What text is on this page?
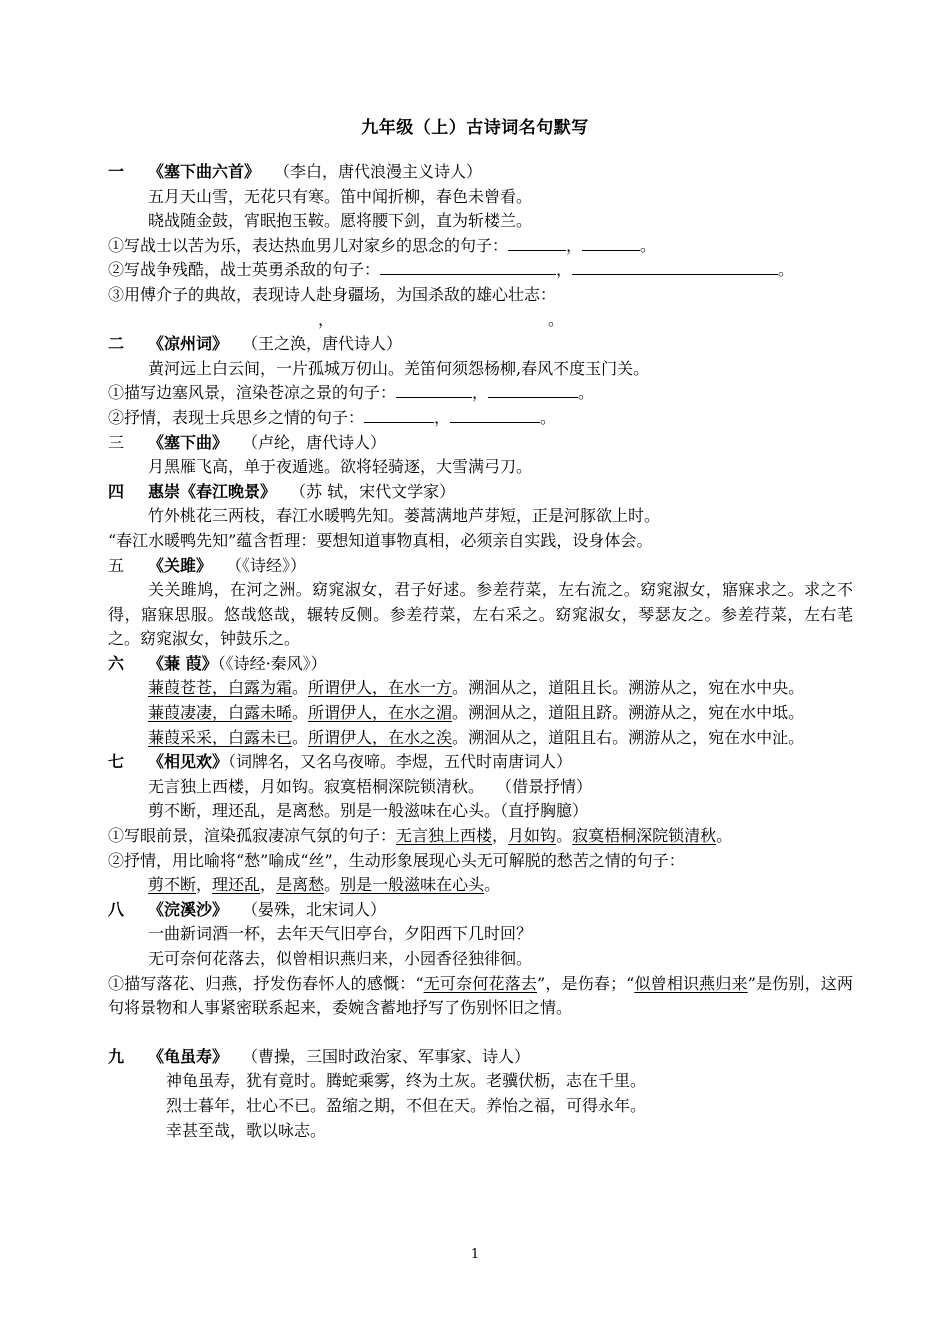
九年级（上）古诗词名句默写

一 《塞下曲六首》 （李白，唐代浪漫主义诗人）

五月天山雪，无花只有寒。笛中闻折柳，春色未曾看。

晓战随金鼓，宵眠抱玉鞍。愿将腰下剑，直为斩楼兰。

①写战士以苦为乐，表达热血男儿对家乡的思念的句子：	，	。

②写战争残酷，战士英勇杀敌的句子：	，	。

③用傅介子的典故，表现诗人赴身疆场，为国杀敌的雄心壮志：

，	。

二 《凉州词》 （王之涣，唐代诗人）

黄河远上白云间，一片孤城万仞山。羌笛何须怨杨柳,春风不度玉门关。

①描写边塞风景，渲染苍凉之景的句子：	，	。

②抒情，表现士兵思乡之情的句子：	，	。

三 《塞下曲》 （卢纶，唐代诗人）

月黑雁飞高，单于夜遁逃。欲将轻骑逐，大雪满弓刀。

四 惠崇《春江晚景》 （苏 轼，宋代文学家）

竹外桃花三两枝，春江水暖鸭先知。蒌蒿满地芦芽短，正是河豚欲上时。

“春江水暖鸭先知”蕴含哲理：要想知道事物真相，必须亲自实践，设身体会。

五 《关雎》 （《诗经》）

关关雎鸠，在河之洲。窈窕淑女，君子好逑。参差荇菜，左右流之。窈窕淑女，寤寐求之。求之不得，寤寐思服。悠哉悠哉，辗转反侧。参差荇菜，左右采之。窈窕淑女，琴瑟友之。参差荇菜，左右芼之。窈窕淑女，钟鼓乐之。

六 《蒹 葭》（《诗经·秦风》）

蒹葭苍苍，白露为霜。所谓伊人，在水一方。溯洄从之，道阻且长。溯游从之，宛在水中央。

蒹葭凄凄，白露未晞。所谓伊人，在水之湄。溯洄从之，道阻且跻。溯游从之，宛在水中坻。

蒹葭采采，白露未已。所谓伊人，在水之涘。溯洄从之，道阻且右。溯游从之，宛在水中沚。

七 《相见欢》（词牌名，又名乌夜啼。李煜，五代时南唐词人）

无言独上西楼，月如钩。寂寞梧桐深院锁清秋。 （借景抒情）

剪不断，理还乱，是离愁。别是一般滋味在心头。（直抒胸臆）

①写眼前景，渲染孤寂凄凉气氛的句子：无言独上西楼，月如钩。寂寞梧桐深院锁清秋。

②抒情，用比喻将“愁”喻成“丝”，生动形象展现心头无可解脱的愁苦之情的句子：

剪不断，理还乱，是离愁。别是一般滋味在心头。

八 《浣溪沙》 （晏殊，北宋词人）

一曲新词酒一杯，去年天气旧亭台，夕阳西下几时回？

无可奈何花落去，似曾相识燕归来，小园香径独徘徊。

①描写落花、归燕，抒发伤春怀人的感慨：“无可奈何花落去”，是伤春；“似曾相识燕归来”是伤别，这两句将景物和人事紧密联系起来，委婉含蓄地抒写了伤别怀旧之情。

九 《龟虽寿》 （曹操，三国时政治家、军事家、诗人）

神龟虽寿，犹有竟时。腾蛇乘雾，终为土灰。老骥伏枥，志在千里。

烈士暮年，壮心不已。盈缩之期，不但在天。养怡之福，可得永年。

幸甚至哉，歌以咏志。

1
